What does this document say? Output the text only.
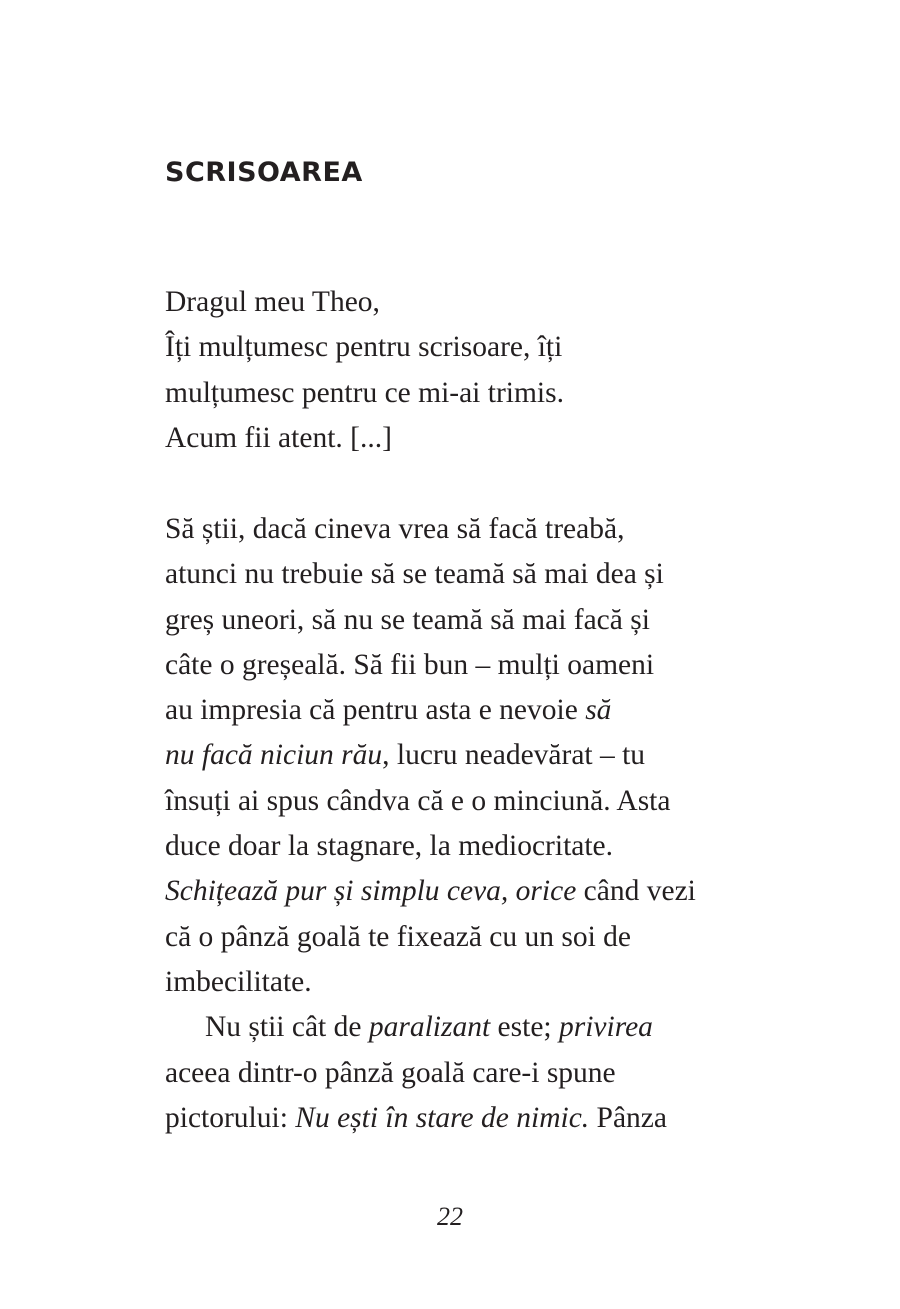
SCRISOAREA
Dragul meu Theo,
Îți mulțumesc pentru scrisoare, îți
mulțumesc pentru ce mi-ai trimis.
Acum fii atent. [...]
Să știi, dacă cineva vrea să facă treabă,
atunci nu trebuie să se teamă să mai dea și
greș uneori, să nu se teamă să mai facă și
câte o greșeală. Să fii bun – mulți oameni
au impresia că pentru asta e nevoie să
nu facă niciun rău, lucru neadevărat – tu
însuți ai spus cândva că e o minciună. Asta
duce doar la stagnare, la mediocritate.
Schițează pur și simplu ceva, orice când vezi
că o pânză goală te fixează cu un soi de
imbecilitate.
Nu știi cât de paralizant este; privirea
aceea dintr-o pânză goală care-i spune
pictorului: Nu ești în stare de nimic. Pânza
22
